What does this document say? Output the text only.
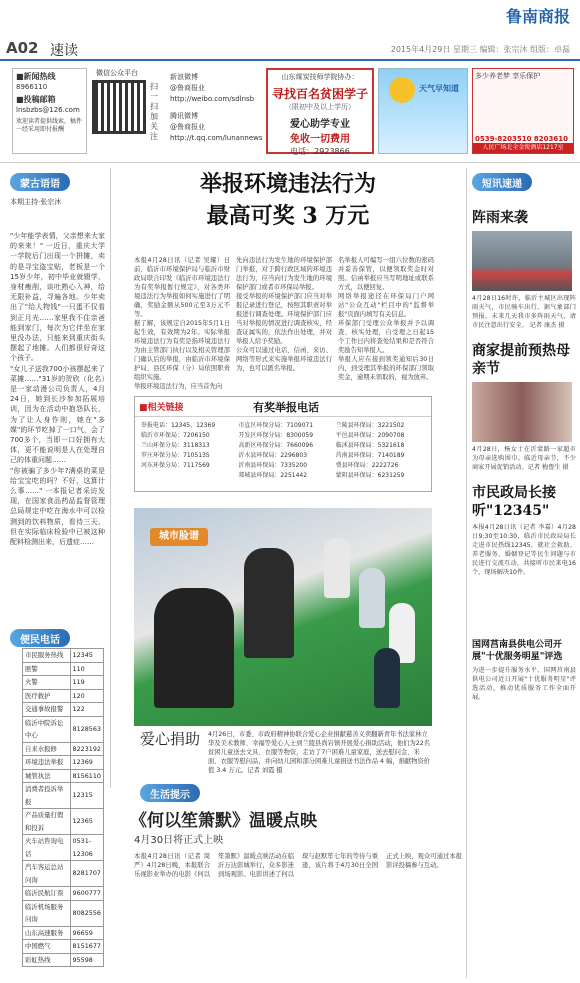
鲁南商报
A02 速读	2015年4月29日 星期三 编辑：张宗沐 组版：卓磊
■新闻热线
8966110
■投稿邮箱
lnsbzbs@126.com
欢迎读者提供线索，稿件一经采用即付报酬
微信公众平台
扫一扫加关注
新浪微博
@鲁商报业
http://weibo.com/sdlnsb
腾讯微博
@鲁商报业
http://t.qq.com/lunannews
山东煤炭技师学院协办：
寻找百名贫困学子
（限初中及以上学历）
爱心助学专业
免收一切费用
电话：2923866
天气早知道
多少养老梦 享乐保护
0539-8203510 8203610
人民广场北全金锐酒店1217室
蒙古语语
本期主持·张宗沐
"少年能学表情，父亲想来大家的来来！" 一近日，重庆大学一学院后门出现一个拼摊，卖的是寻宝盗宝贴，老板是一个15岁少年，初中毕业就辍学，身材瘦削，谈吐熟心入神，给无限补益，寻遍各地。少年卖出了"给人物钱"一只蛋不仅看到正月光……家里我不住亲爸能到家门，每次为它伴坐在家里没办法，只能来到重庆街头摆起了地摊。人们都很好奇这个孩子。
"女儿子送我700小孩摆起来了菜摊……"31岁的贺欣（化名）是一家动漫公司负责人，4月24日，她到长沙参加拓展培训，因为在活动中抱怨队长，为了让人身作则，她在"多媒"的环节吃掉了一口气，会了700多个，当即一口好拥有大体，更不能说明是人在处理自己的体重问题……
"你被骗了多少年?满桌的菜是给宝宝吃的吗？不好，这算什么事……" 一本报记者采访发现，在国家食品药品监督管理总局规定中吃在海水中可以检测到的饮料物质，看待三天，但在实际临床检验中已被这种配料检测出来，后遗症……
举报环境违法行为
最高可奖 3 万元
本报4月28日讯（记者 吴耀）日前，临沂市环境保护局与临沂市财政局联合印发《临沂市环境违法行为有奖举报暂行规定》，对各类环境违法行为举报如何实施进行了明确，奖励金额从500元至3万元不等。
据了解，该规定自2015年5月1日起生效，有效期为2年。实际举报环境违法行为有奖是指环境违法行为由主管部门执行以及相关管理部门确认后的举报，由临沂市环境保护局、县区环保（分）局依照职责组织实施。
举报环境违法行为，应当首先向
先向违法行为发生地的环境保护部门举报，对于跨行政区域的环境违法行为，应当向行为发生地的环境保护部门或者市环保局举报。
接受举报的环境保护部门应当对举报记录进行登记，按照其职责对举报进行调查处理。环境保护部门应当对举报的情况进行调查核实，经查证属实的，依法作出处理，并对举报人给予奖励。
公众可以通过电话、信函、来访、网络等形式来实施举报环境违法行为，也可以匿名举报。
名举报人可编写一组六位数的密码并妥善保管，以便领取奖金时对照。信函举报应当写明地址或联系方式，以便回复。
网络举报途径在环保局门户网站"公众互动"栏目中的"监督举报"页面内填写有关信息。
环保部门受理公众举报并予以调查、核实处理，自受理之日起15个工作日内将查处结果和是否符合奖励告知举报人。
举报人应在接到领奖通知后30日内，到受理其举报的环保部门领取奖金，逾期未领取的，视为放弃。
■相关链接	有奖举报电话
举报电话：12345，12369	市直区环保分局：7109071	兰陵县环保局：3221502
临沂市环保局：7206150	开发区环保分局：8300059	平邑县环保局：2090708
兰山环保分局：3118313	高新区环保分局：7660096	临沭县环保局：5321618
罗庄环保分局：7105135	沂水县环保局：2296803	莒南县环保局：7140189
河东环保分局：7117569	沂南县环保局：7335200	费县环保局：2222726
郯城县环保局：2251442	蒙阴县环保局：6231259
城市脸谱
爱心捐助 4月26日，市委、市政府精神协联合爱心企业捐献慈善义卖翻新青年书法家林立华及美术教师、幸福等爱心人士到兰陵县尚岩镇开展爱心捐助活动，他们为22名贫困儿童送去文具、衣服等物资，走访了7户困难儿童家庭，送去慰问金、米面、衣服等慰问品，并向幼儿园和部分困难儿童捐送书法作品 4 幅，捐献物资价值 3.4 万元。记者 刘霞 摄
便民电话
市民服务热线	12345
匪警	110
火警	119
医疗救护	120
交通事故报警	122
临沂中院诉讼中心	8128563
自来水报修	8223192
环境违法举报	12369
城管执法	8156110
消费者投诉举报	12315
产品质量打假和投诉	12365
火车站咨询电话	0531-12306
汽车客运总站问询	8281707
临沂民航订票	9600777
临沂机场服务问询	8082556
山东高速服务	96659
中国燃气	8151677
彩虹热线	95598
生活提示
《何以笙箫默》温暖点映
4月30日将正式上映
本报4月28日讯（记者 周严）4月28日晚，本报联合乐视影业举办的电影《何以笙箫默》温暖点映活动在临沂万达影城举行，众多影迷到场观影。电影讲述了何以琛与赵默笙七年的等待与重逢，该片将于4月30日全国正式上映，观众可通过本报影评投稿参与互动。
短讯速递
阵雨来袭
4月28日16时许，临沂主城区出现阵雨天气，市民骑车出行。据气象部门预报，未来几天我市多阵雨天气，请市民注意出行安全。 记者 康杰 摄
商家提前预热母亲节
4月28日，杨女士在沂蒙路一家超市为母亲选购围巾。临近母亲节，不少商家开展促销活动。记者 梅鲁生 摄
市民政局长接听"12345"
本报4月28日讯（记者 李嘉）4月28日9:30至10:30，临沂市民政局局长走进市民热线12345，就社会救助、养老服务、婚姻登记等民生问题与市民进行交流互动，共接听市民来电16个，现场解决10件。
国网莒南县供电公司开展"十优服务明星"评选
为进一步提升服务水平，国网莒南县供电公司近日开展"十优服务明星"评选活动，推动优质服务工作全面开展。
